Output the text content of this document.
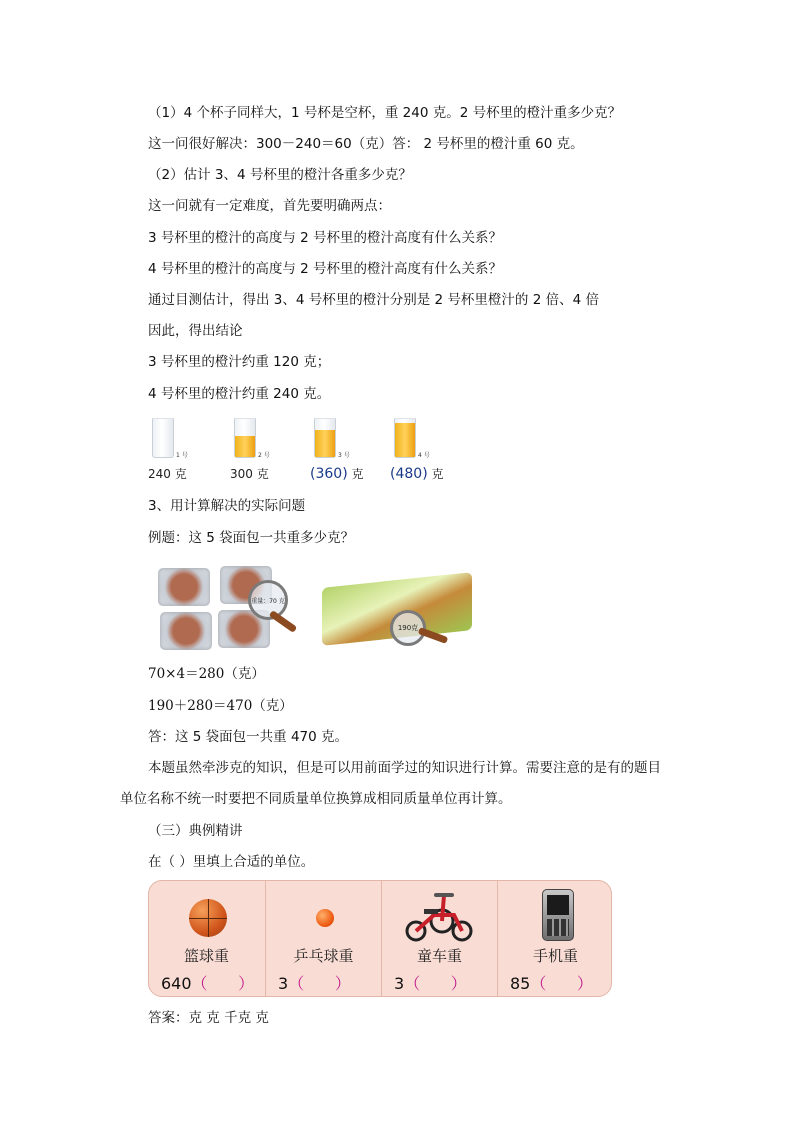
（1）4 个杯子同样大，1 号杯是空杯，重 240 克。2 号杯里的橙汁重多少克？
这一问很好解决：300－240＝60（克）答： 2 号杯里的橙汁重 60 克。
（2）估计 3、4 号杯里的橙汁各重多少克？
这一问就有一定难度，首先要明确两点：
3 号杯里的橙汁的高度与 2 号杯里的橙汁高度有什么关系？
4 号杯里的橙汁的高度与 2 号杯里的橙汁高度有什么关系？
通过目测估计，得出 3、4 号杯里的橙汁分别是 2 号杯里橙汁的 2 倍、4 倍
因此，得出结论
3 号杯里的橙汁约重 120 克；
4 号杯里的橙汁约重 240 克。
1 号
240 克
2 号
300 克
3 号
(360) 克
4 号
(480) 克
3、用计算解决的实际问题
例题：这 5 袋面包一共重多少克？
重量：70 克
190克
70×4＝280（克）
190＋280＝470（克）
答：这 5 袋面包一共重 470 克。
本题虽然牵涉克的知识，但是可以用前面学过的知识进行计算。需要注意的是有的题目
单位名称不统一时要把不同质量单位换算成相同质量单位再计算。
（三）典例精讲
在（ ）里填上合适的单位。
篮球重
640（      ）
乒乓球重
3（      ）
童车重
3（      ）
手机重
85（      ）
答案：克 克 千克 克
